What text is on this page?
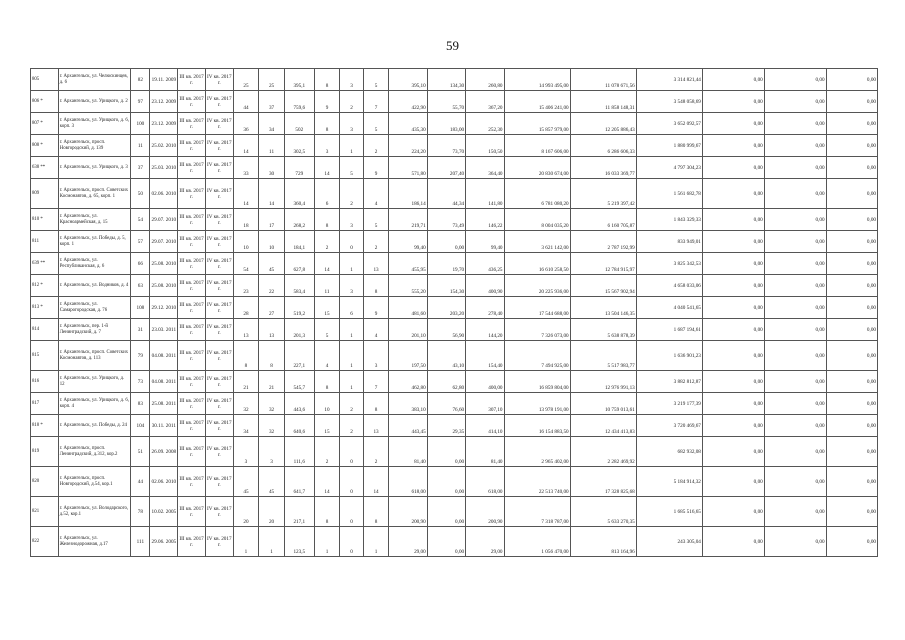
59
805	г. Архангельск, ул. Челюскинцев, д. 6	82	19.11. 2009	III кв. 2017 г.	IV кв. 2017 г.	25	25	395,1	8	3	5	395,10	134,30	260,80	14 993 495,00	11 078 671,56	3 314 821,44	0,00	0,00	0,00
806 *	г. Архангельск, ул. Урицкого, д. 2	97	23.12. 2009	III кв. 2017 г.	IV кв. 2017 г.	44	37	759,6	9	2	7	422,90	55,70	367,20	15 406 241,00	11 858 148,31	3 548 058,69	0,00	0,00	0,00
807 *	г. Архангельск, ул. Урицкого, д. 6, корп. 3	100	23.12. 2009	III кв. 2017 г.	IV кв. 2017 г.	36	34	502	8	3	5	435,30	183,00	252,30	15 857 979,00	12 205 886,43	3 652 092,57	0,00	0,00	0,00
808 *	г. Архангельск, просп. Новгородский, д. 139	11	25.02. 2010	III кв. 2017 г.	IV кв. 2017 г.	14	11	302,5	3	1	2	224,20	73,70	150,50	8 167 606,00	6 286 606,33	1 880 999,67	0,00	0,00	0,00
638 **	г. Архангельск, ул. Урицкого, д. 3	37	25.03. 2010	III кв. 2017 г.	IV кв. 2017 г.	33	30	729	14	5	9	571,80	207,40	364,40	20 830 674,00	16 033 369,77	4 797 304,23	0,00	0,00	0,00
809	г. Архангельск, просп. Советских Космонавтов, д. 65, корп. 1	50	02.06. 2010	III кв. 2017 г.	IV кв. 2017 г.	14	14	360,4	6	2	4	186,14	44,34	141,80	6 781 080,20	5 219 397,42	1 561 682,78	0,00	0,00	0,00
810 *	г. Архангельск, ул. Красноармейская, д. 15	54	29.07. 2010	III кв. 2017 г.	IV кв. 2017 г.	18	17	268,2	8	3	5	219,71	73,49	146,22	8 004 035,20	6 160 705,87	1 843 329,33	0,00	0,00	0,00
811	г. Архангельск, ул. Победы, д. 5, корп. 1	57	29.07. 2010	III кв. 2017 г.	IV кв. 2017 г.	10	10	184,1	2	0	2	99,40	0,00	99,40	3 621 142,00	2 787 192,99	833 949,01	0,00	0,00	0,00
639 **	г. Архангельск, ул. Республиканская, д. 6	66	25.08. 2010	III кв. 2017 г.	IV кв. 2017 г.	54	45	627,8	14	1	13	455,95	19,70	436,25	16 610 258,50	12 784 915,97	3 825 342,53	0,00	0,00	0,00
812 *	г. Архангельск, ул. Водников, д. 4	63	25.08. 2010	III кв. 2017 г.	IV кв. 2017 г.	23	22	583,4	11	3	8	555,20	154,30	400,90	20 225 936,00	15 567 902,94	4 658 033,06	0,00	0,00	0,00
813 *	г. Архангельск, ул. Самарогородская, д. 76	108	29.12. 2010	III кв. 2017 г.	IV кв. 2017 г.	28	27	519,2	15	6	9	481,60	203,20	278,40	17 544 688,00	13 504 146,35	4 040 541,65	0,00	0,00	0,00
814	г. Архангельск, пер. 1-й Ленинградский, д. 7	31	23.03. 2011	III кв. 2017 г.	IV кв. 2017 г.	13	13	201,3	5	1	4	201,10	56,90	144,20	7 326 073,00	5 638 878,39	1 687 194,61	0,00	0,00	0,00
815	г. Архангельск, просп. Советских Космонавтов, д. 113	79	04.08. 2011	III кв. 2017 г.	IV кв. 2017 г.	8	8	227,1	4	1	3	197,50	43,10	154,40	7 494 925,00	5 517 983,77	1 636 901,23	0,00	0,00	0,00
816	г. Архангельск, ул. Урицкого, д. 12	73	04.08. 2011	III кв. 2017 г.	IV кв. 2017 г.	21	21	545,7	8	1	7	462,80	62,80	400,00	16 859 804,00	12 976 991,13	3 882 812,87	0,00	0,00	0,00
817	г. Архангельск, ул. Урицкого, д. 6, корп. 4	83	25.08. 2011	III кв. 2017 г.	IV кв. 2017 г.	32	32	443,6	10	2	8	383,10	76,60	307,10	13 978 191,00	10 759 013,61	3 219 177,39	0,00	0,00	0,00
818 *	г. Архангельск, ул. Победы, д. 24	104	30.11. 2011	III кв. 2017 г.	IV кв. 2017 г.	34	32	640,6	15	2	13	443,45	29,35	414,10	16 154 883,50	12 434 413,83	3 720 469,67	0,00	0,00	0,00
819	г. Архангельск, просп. Ленинградский, д.312, кор.2	51	26.09. 2008	III кв. 2017 г.	IV кв. 2017 г.	3	3	111,6	2	0	2	81,40	0,00	81,40	2 965 402,00	2 282 469,92	682 932,08	0,00	0,00	0,00
820	г. Архангельск, просп. Новгородский, д.54, кор.1	44	02.06. 2010	III кв. 2017 г.	IV кв. 2017 г.	45	45	641,7	14	0	14	618,00	0,00	618,00	22 513 740,00	17 328 825,68	5 184 914,32	0,00	0,00	0,00
821	г. Архангельск, ул. Володарского, д.52, кор.1	78	10.02. 2005	III кв. 2017 г.	IV кв. 2017 г.	20	20	217,1	8	0	8	200,90	0,00	200,90	7 318 787,00	5 633 270,35	1 685 516,65	0,00	0,00	0,00
822	г. Архангельск, ул. Железнодорожная, д.17	111	29.06. 2005	III кв. 2017 г.	IV кв. 2017 г.	1	1	123,5	1	0	1	29,00	0,00	29,00	1 056 470,00	813 164,96	243 305,04	0,00	0,00	0,00
